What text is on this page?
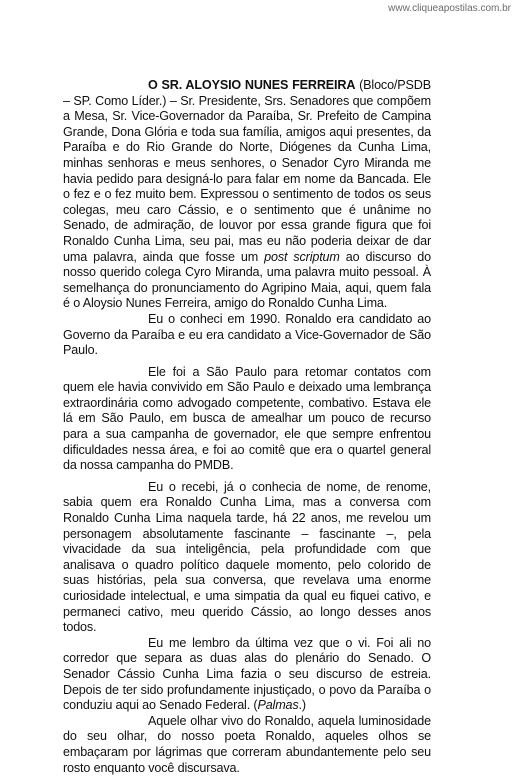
www.cliqueapostilas.com.br

O SR. ALOYSIO NUNES FERREIRA (Bloco/PSDB – SP. Como Líder.) – Sr. Presidente, Srs. Senadores que compõem a Mesa, Sr. Vice-Governador da Paraíba, Sr. Prefeito de Campina Grande, Dona Glória e toda sua família, amigos aqui presentes, da Paraíba e do Rio Grande do Norte, Diógenes da Cunha Lima, minhas senhoras e meus senhores, o Senador Cyro Miranda me havia pedido para designá-lo para falar em nome da Bancada. Ele o fez e o fez muito bem. Expressou o sentimento de todos os seus colegas, meu caro Cássio, e o sentimento que é unânime no Senado, de admiração, de louvor por essa grande figura que foi Ronaldo Cunha Lima, seu pai, mas eu não poderia deixar de dar uma palavra, ainda que fosse um post scriptum ao discurso do nosso querido colega Cyro Miranda, uma palavra muito pessoal. À semelhança do pronunciamento do Agripino Maia, aqui, quem fala é o Aloysio Nunes Ferreira, amigo do Ronaldo Cunha Lima.

Eu o conheci em 1990. Ronaldo era candidato ao Governo da Paraíba e eu era candidato a Vice-Governador de São Paulo.

Ele foi a São Paulo para retomar contatos com quem ele havia convivido em São Paulo e deixado uma lembrança extraordinária como advogado competente, combativo. Estava ele lá em São Paulo, em busca de amealhar um pouco de recurso para a sua campanha de governador, ele que sempre enfrentou dificuldades nessa área, e foi ao comitê que era o quartel general da nossa campanha do PMDB.

Eu o recebi, já o conhecia de nome, de renome, sabia quem era Ronaldo Cunha Lima, mas a conversa com Ronaldo Cunha Lima naquela tarde, há 22 anos, me revelou um personagem absolutamente fascinante – fascinante –, pela vivacidade da sua inteligência, pela profundidade com que analisava o quadro político daquele momento, pelo colorido de suas histórias, pela sua conversa, que revelava uma enorme curiosidade intelectual, e uma simpatia da qual eu fiquei cativo, e permaneci cativo, meu querido Cássio, ao longo desses anos todos.

Eu me lembro da última vez que o vi. Foi ali no corredor que separa as duas alas do plenário do Senado. O Senador Cássio Cunha Lima fazia o seu discurso de estreia. Depois de ter sido profundamente injustiçado, o povo da Paraíba o conduziu aqui ao Senado Federal. (Palmas.)

Aquele olhar vivo do Ronaldo, aquela luminosidade do seu olhar, do nosso poeta Ronaldo, aqueles olhos se embaçaram por lágrimas que correram abundantemente pelo seu rosto enquanto você discursava.
